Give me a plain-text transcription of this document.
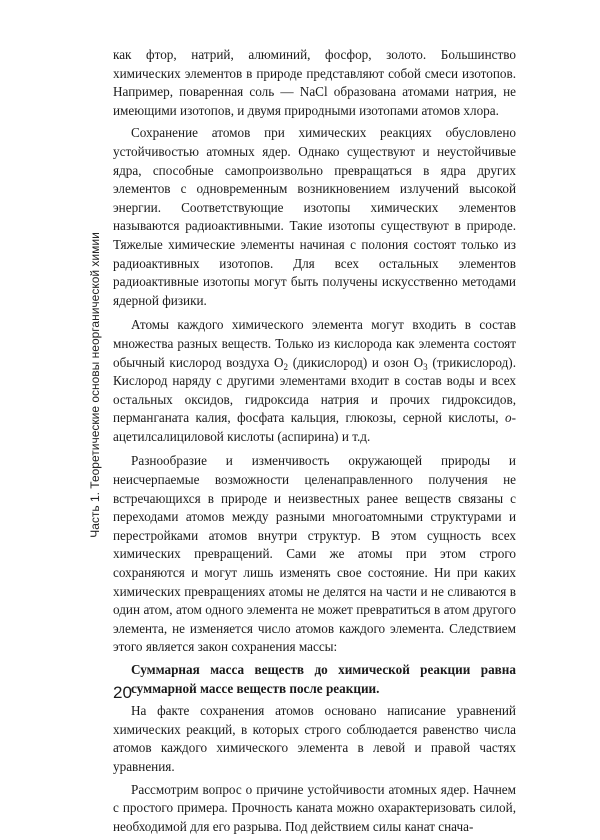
Часть 1. Теоретические основы неорганической химии

как фтор, натрий, алюминий, фосфор, золото. Большинство химических элементов в природе представляют собой смеси изотопов. Например, поваренная соль — NaCl образована атомами натрия, не имеющими изотопов, и двумя природными изотопами атомов хлора.

Сохранение атомов при химических реакциях обусловлено устойчивостью атомных ядер. Однако существуют и неустойчивые ядра, способные самопроизвольно превращаться в ядра других элементов с одновременным возникновением излучений высокой энергии. Соответствующие изотопы химических элементов называются радиоактивными. Такие изотопы существуют в природе. Тяжелые химические элементы начиная с полония состоят только из радиоактивных изотопов. Для всех остальных элементов радиоактивные изотопы могут быть получены искусственно методами ядерной физики.

Атомы каждого химического элемента могут входить в состав множества разных веществ. Только из кислорода как элемента состоят обычный кислород воздуха $O_2$ (дикислород) и озон $O_3$ (трикислород). Кислород наряду с другими элементами входит в состав воды и всех остальных оксидов, гидроксида натрия и прочих гидроксидов, перманганата калия, фосфата кальция, глюкозы, серной кислоты, о-ацетилсалициловой кислоты (аспирина) и т.д.

Разнообразие и изменчивость окружающей природы и неисчерпаемые возможности целенаправленного получения не встречающихся в природе и неизвестных ранее веществ связаны с переходами атомов между разными многоатомными структурами и перестройками атомов внутри структур. В этом сущность всех химических превращений. Сами же атомы при этом строго сохраняются и могут лишь изменять свое состояние. Ни при каких химических превращениях атомы не делятся на части и не сливаются в один атом, атом одного элемента не может превратиться в атом другого элемента, не изменяется число атомов каждого элемента. Следствием этого является закон сохранения массы:

Суммарная масса веществ до химической реакции равна суммарной массе веществ после реакции.

На факте сохранения атомов основано написание уравнений химических реакций, в которых строго соблюдается равенство числа атомов каждого химического элемента в левой и правой частях уравнения.

Рассмотрим вопрос о причине устойчивости атомных ядер. Начнем с простого примера. Прочность каната можно охарактеризовать силой, необходимой для его разрыва. Под действием силы канат снача-

20
